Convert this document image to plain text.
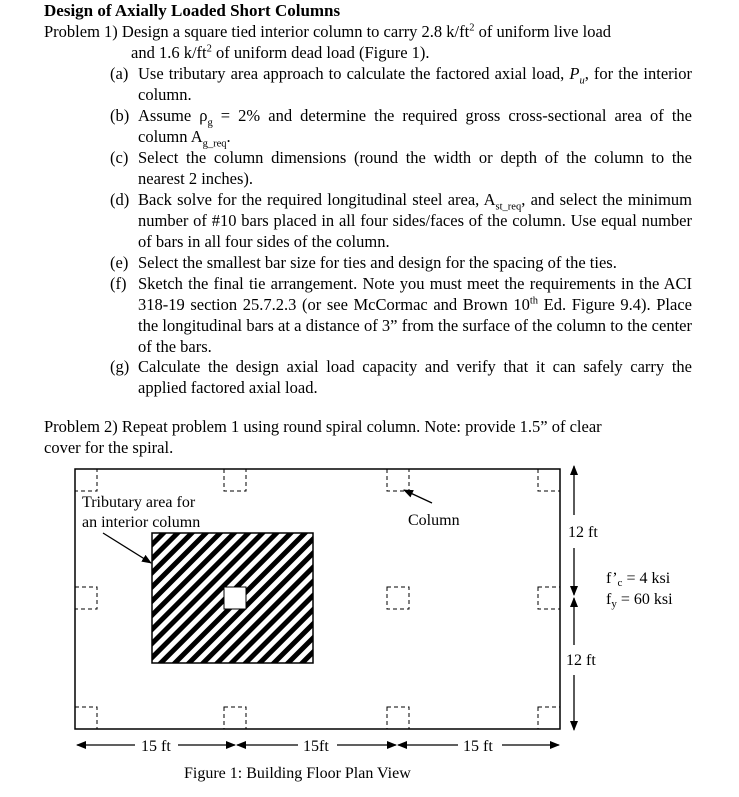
Design of Axially Loaded Short Columns
Problem 1) Design a square tied interior column to carry 2.8 $k/ft^2$ of uniform live load
and 1.6 $k/ft^2$ of uniform dead load (Figure 1).
(a) Use tributary area approach to calculate the factored axial load, $P_u$, for the interior column.
(b) Assume $\rho_g = 2\%$ and determine the required gross cross-sectional area of the column $A_{g\_req}$.
(c) Select the column dimensions (round the width or depth of the column to the nearest 2 inches).
(d) Back solve for the required longitudinal steel area, $A_{st\_req}$, and select the minimum number of #10 bars placed in all four sides/faces of the column. Use equal number of bars in all four sides of the column.
(e) Select the smallest bar size for ties and design for the spacing of the ties.
(f) Sketch the final tie arrangement. Note you must meet the requirements in the ACI 318-19 section 25.7.2.3 (or see McCormac and Brown 10th Ed. Figure 9.4). Place the longitudinal bars at a distance of 3” from the surface of the column to the center of the bars.
(g) Calculate the design axial load capacity and verify that it can safely carry the applied factored axial load.
Problem 2) Repeat problem 1 using round spiral column. Note: provide 1.5” of clear
cover for the spiral.
Tributary area for
an interior column	Column
12 ft
12 ft
f’c = 4 ksi
fy = 60 ksi
15 ft	15ft	15 ft
Figure 1: Building Floor Plan View
